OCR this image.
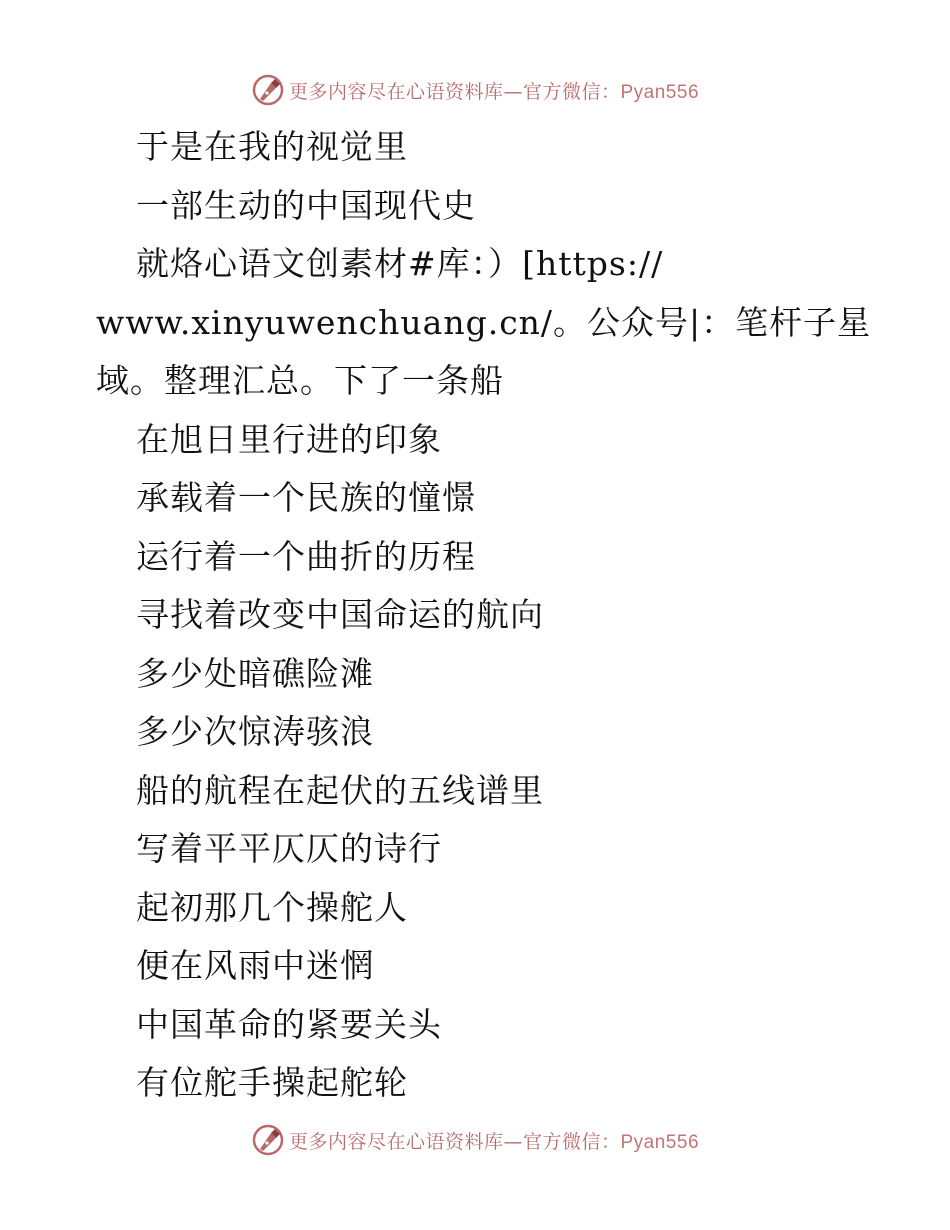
更多内容尽在心语资料库—官方微信：Pyan556
于是在我的视觉里
一部生动的中国现代史
就烙心语文创素材#库：）[https://
www.xinyuwenchuang.cn/。公众号|：笔杆子星
域。整理汇总。下了一条船
在旭日里行进的印象
承载着一个民族的憧憬
运行着一个曲折的历程
寻找着改变中国命运的航向
多少处暗礁险滩
多少次惊涛骇浪
船的航程在起伏的五线谱里
写着平平仄仄的诗行
起初那几个操舵人
便在风雨中迷惘
中国革命的紧要关头
有位舵手操起舵轮
更多内容尽在心语资料库—官方微信：Pyan556
